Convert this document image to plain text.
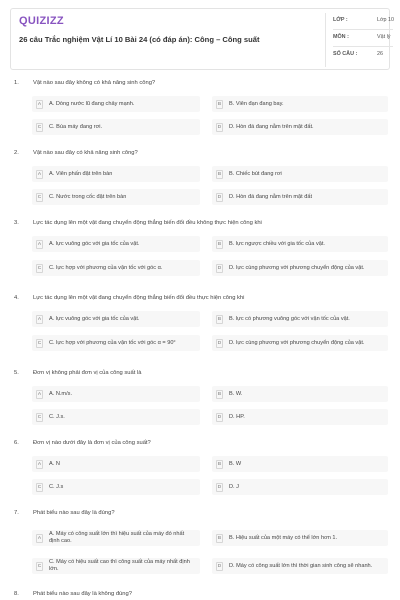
QUIZIZZ
26 câu Trắc nghiệm Vật Lí 10 Bài 24 (có đáp án): Công – Công suất
LỚP :	Lớp 10
MÔN :	Vật lý
SỐ CÂU :	26
1. Vật nào sau đây không có khả năng sinh công?
A	A. Dòng nước lũ đang chảy mạnh.	B	B. Viên đạn đang bay.
C	C. Búa máy đang rơi.	D	D. Hòn đá đang nằm trên mặt đất.
2. Vật nào sau đây có khả năng sinh công?
A	A. Viên phấn đặt trên bàn	B	B. Chiếc bút đang rơi
C	C. Nước trong cốc đặt trên bàn	D	D. Hòn đá đang nằm trên mặt đất
3. Lực tác dụng lên một vật đang chuyển động thẳng biến đổi đều không thực hiện công khi
A	A. lực vuông góc với gia tốc của vật.	B	B. lực ngược chiều với gia tốc của vật.
C	C. lực hợp với phương của vận tốc với góc α.	D	D. lực cùng phương với phương chuyển động của vật.
4. Lực tác dụng lên một vật đang chuyển động thẳng biến đổi đều thực hiện công khi
A	A. lực vuông góc với gia tốc của vật.	B	B. lực có phương vuông góc với vận tốc của vật.
C	C. lực hợp với phương của vận tốc với góc α = 90°	D	D. lực cùng phương với phương chuyển động của vật.
5. Đơn vị không phải đơn vị của công suất là
A	A. N.m/s.	B	B. W.
C	C. J.s.	D	D. HP.
6. Đơn vị nào dưới đây là đơn vị của công suất?
A	A. N	B	B. W
C	C. J.s	D	D. J
7. Phát biểu nào sau đây là đúng?
A
A. Máy có công suất lớn thì hiệu suất của máy đó nhất định cao.	B	B. Hiệu suất của một máy có thể lớn hơn 1.
C
C. Máy có hiệu suất cao thì công suất của máy nhất định lớn.	D	D. Máy có công suất lớn thì thời gian sinh công sẽ nhanh.
8. Phát biểu nào sau đây là không đúng?
